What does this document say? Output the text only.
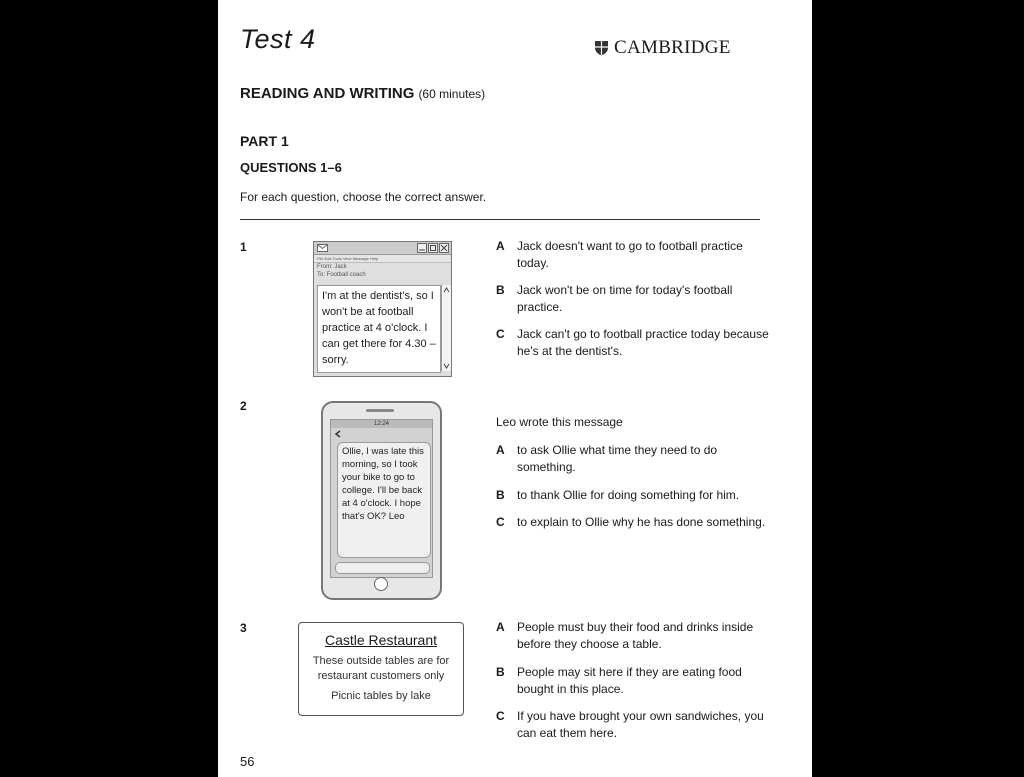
Test 4	CAMBRIDGE
READING AND WRITING (60 minutes)
PART 1
QUESTIONS 1–6
For each question, choose the correct answer.
1
File Edit Tools View Message Help
From: Jack
To: Football coach
I'm at the dentist's, so I won't be at football practice at 4 o'clock. I can get there for 4.30 – sorry.
A	Jack doesn't want to go to football practice today.
B	Jack won't be on time for today's football practice.
C	Jack can't go to football practice today because he's at the dentist's.
2
12:24
Ollie, I was late this morning, so I took your bike to go to college. I'll be back at 4 o'clock. I hope that's OK? Leo
Leo wrote this message
A	to ask Ollie what time they need to do something.
B	to thank Ollie for doing something for him.
C	to explain to Ollie why he has done something.
3
Castle Restaurant
These outside tables are for restaurant customers only
Picnic tables by lake
A	People must buy their food and drinks inside before they choose a table.
B	People may sit here if they are eating food bought in this place.
C	If you have brought your own sandwiches, you can eat them here.
56
